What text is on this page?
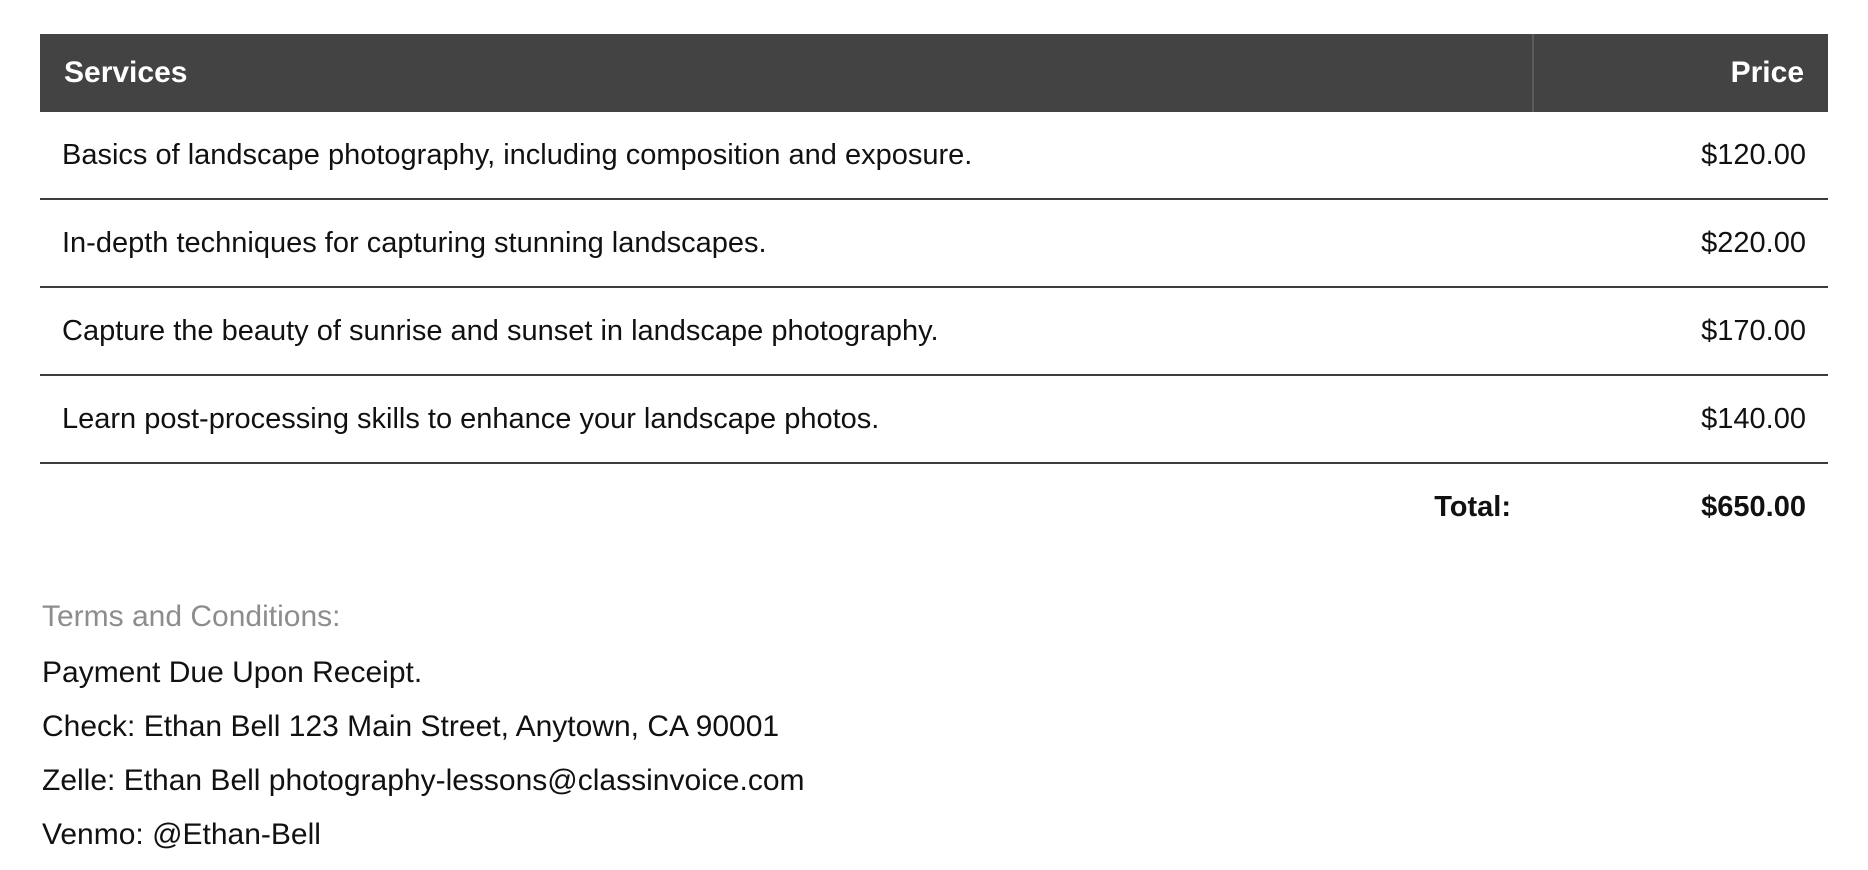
Services	Price
Basics of landscape photography, including composition and exposure.	$120.00
In-depth techniques for capturing stunning landscapes.	$220.00
Capture the beauty of sunrise and sunset in landscape photography.	$170.00
Learn post-processing skills to enhance your landscape photos.	$140.00
Total:	$650.00
Terms and Conditions:
Payment Due Upon Receipt.
Check: Ethan Bell 123 Main Street, Anytown, CA 90001
Zelle: Ethan Bell photography-lessons@classinvoice.com
Venmo: @Ethan-Bell
